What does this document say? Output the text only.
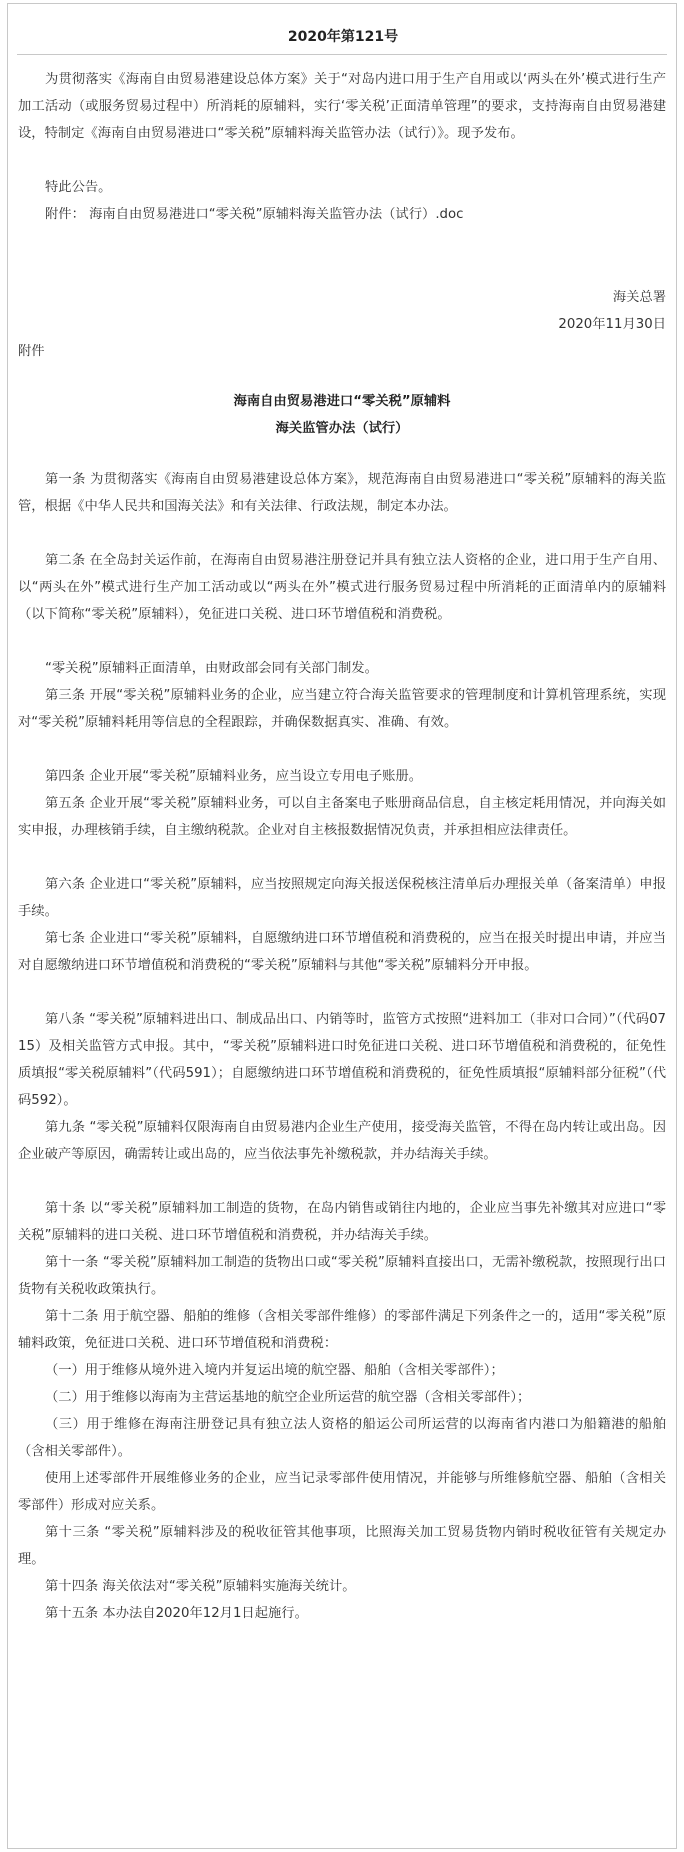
2020年第121号

为贯彻落实《海南自由贸易港建设总体方案》关于“对岛内进口用于生产自用或以‘两头在外’模式进行生产加工活动（或服务贸易过程中）所消耗的原辅料，实行‘零关税’正面清单管理”的要求，支持海南自由贸易港建设，特制定《海南自由贸易港进口“零关税”原辅料海关监管办法（试行）》。现予发布。

特此公告。

附件： 海南自由贸易港进口“零关税”原辅料海关监管办法（试行）.doc

海关总署

2020年11月30日

附件

海南自由贸易港进口“零关税”原辅料

海关监管办法（试行）

第一条 为贯彻落实《海南自由贸易港建设总体方案》，规范海南自由贸易港进口“零关税”原辅料的海关监管，根据《中华人民共和国海关法》和有关法律、行政法规，制定本办法。

第二条 在全岛封关运作前，在海南自由贸易港注册登记并具有独立法人资格的企业，进口用于生产自用、以“两头在外”模式进行生产加工活动或以“两头在外”模式进行服务贸易过程中所消耗的正面清单内的原辅料（以下简称“零关税”原辅料），免征进口关税、进口环节增值税和消费税。

“零关税”原辅料正面清单，由财政部会同有关部门制发。

第三条 开展“零关税”原辅料业务的企业，应当建立符合海关监管要求的管理制度和计算机管理系统，实现对“零关税”原辅料耗用等信息的全程跟踪，并确保数据真实、准确、有效。

第四条 企业开展“零关税”原辅料业务，应当设立专用电子账册。

第五条 企业开展“零关税”原辅料业务，可以自主备案电子账册商品信息，自主核定耗用情况，并向海关如实申报，办理核销手续，自主缴纳税款。企业对自主核报数据情况负责，并承担相应法律责任。

第六条 企业进口“零关税”原辅料，应当按照规定向海关报送保税核注清单后办理报关单（备案清单）申报手续。

第七条 企业进口“零关税”原辅料，自愿缴纳进口环节增值税和消费税的，应当在报关时提出申请，并应当对自愿缴纳进口环节增值税和消费税的“零关税”原辅料与其他“零关税”原辅料分开申报。

第八条 “零关税”原辅料进出口、制成品出口、内销等时，监管方式按照“进料加工（非对口合同）”（代码0715）及相关监管方式申报。其中，“零关税”原辅料进口时免征进口关税、进口环节增值税和消费税的，征免性质填报“零关税原辅料”（代码591）；自愿缴纳进口环节增值税和消费税的，征免性质填报“原辅料部分征税”（代码592）。

第九条 “零关税”原辅料仅限海南自由贸易港内企业生产使用，接受海关监管，不得在岛内转让或出岛。因企业破产等原因，确需转让或出岛的，应当依法事先补缴税款，并办结海关手续。

第十条 以“零关税”原辅料加工制造的货物，在岛内销售或销往内地的，企业应当事先补缴其对应进口“零关税”原辅料的进口关税、进口环节增值税和消费税，并办结海关手续。

第十一条 “零关税”原辅料加工制造的货物出口或“零关税”原辅料直接出口，无需补缴税款，按照现行出口货物有关税收政策执行。

第十二条 用于航空器、船舶的维修（含相关零部件维修）的零部件满足下列条件之一的，适用“零关税”原辅料政策，免征进口关税、进口环节增值税和消费税：

（一）用于维修从境外进入境内并复运出境的航空器、船舶（含相关零部件）；

（二）用于维修以海南为主营运基地的航空企业所运营的航空器（含相关零部件）；

（三）用于维修在海南注册登记具有独立法人资格的船运公司所运营的以海南省内港口为船籍港的船舶（含相关零部件）。

使用上述零部件开展维修业务的企业，应当记录零部件使用情况，并能够与所维修航空器、船舶（含相关零部件）形成对应关系。

第十三条 “零关税”原辅料涉及的税收征管其他事项，比照海关加工贸易货物内销时税收征管有关规定办理。

第十四条 海关依法对“零关税”原辅料实施海关统计。

第十五条 本办法自2020年12月1日起施行。
